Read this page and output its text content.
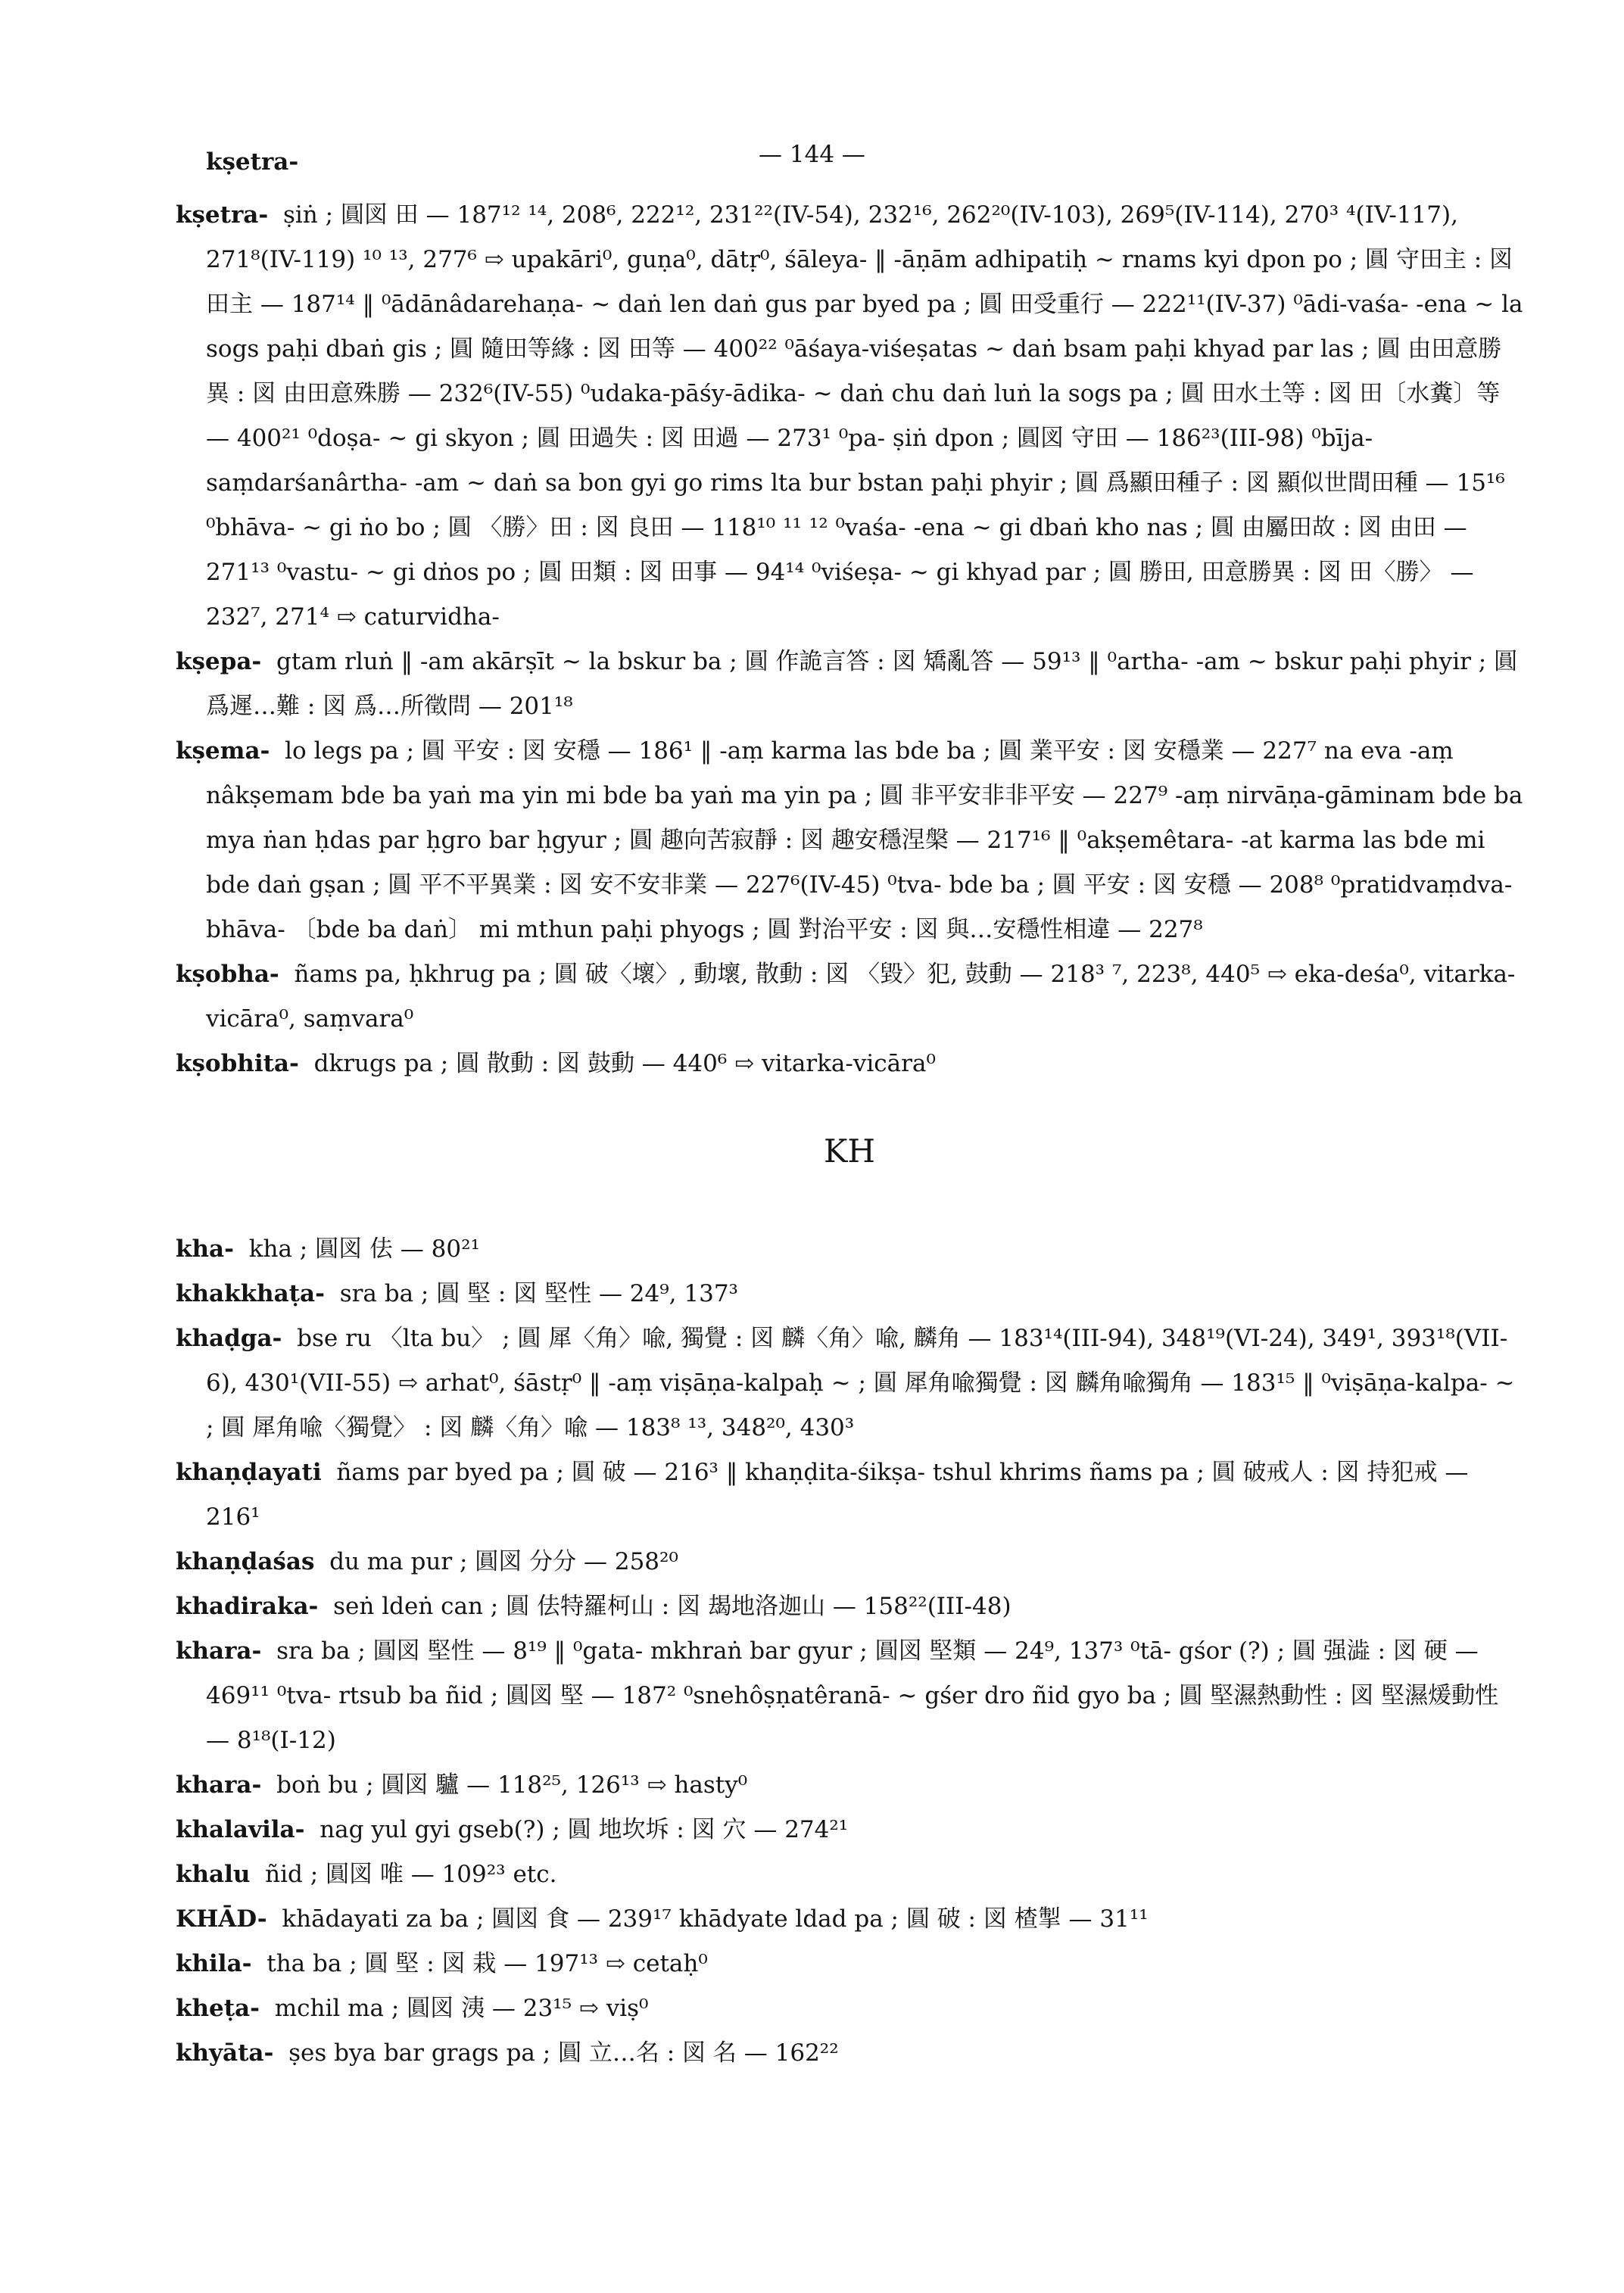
kṣetra-	— 144 —

kṣetra- ṣiṅ ; 圓図 田 — 187¹² ¹⁴, 208⁶, 222¹², 231²²(IV-54), 232¹⁶, 262²⁰(IV-103), 269⁵(IV-114), 270³ ⁴(IV-117), 271⁸(IV-119) ¹⁰ ¹³, 277⁶ ⇨ upakāri⁰, guṇa⁰, dātṛ⁰, śāleya- ‖ -āṇām adhipatiḥ ~ rnams kyi dpon po ; 圓 守田主 : 図 田主 — 187¹⁴ ‖ ⁰ādānâdarehaṇa- ~ daṅ len daṅ gus par byed pa ; 圓 田受重行 — 222¹¹(IV-37) ⁰ādi-vaśa- -ena ~ la sogs paḥi dbaṅ gis ; 圓 隨田等緣 : 図 田等 — 400²² ⁰āśaya-viśeṣatas ~ daṅ bsam paḥi khyad par las ; 圓 由田意勝異 : 図 由田意殊勝 — 232⁶(IV-55) ⁰udaka-pāśy-ādika- ~ daṅ chu daṅ luṅ la sogs pa ; 圓 田水土等 : 図 田〔水糞〕等 — 400²¹ ⁰doṣa- ~ gi skyon ; 圓 田過失 : 図 田過 — 273¹ ⁰pa- ṣiṅ dpon ; 圓図 守田 — 186²³(III-98) ⁰bīja-saṃdarśanârtha- -am ~ daṅ sa bon gyi go rims lta bur bstan paḥi phyir ; 圓 爲顯田種子 : 図 顯似世間田種 — 15¹⁶ ⁰bhāva- ~ gi ṅo bo ; 圓 〈勝〉田 : 図 良田 — 118¹⁰ ¹¹ ¹² ⁰vaśa- -ena ~ gi dbaṅ kho nas ; 圓 由屬田故 : 図 由田 — 271¹³ ⁰vastu- ~ gi dṅos po ; 圓 田類 : 図 田事 — 94¹⁴ ⁰viśeṣa- ~ gi khyad par ; 圓 勝田, 田意勝異 : 図 田〈勝〉 — 232⁷, 271⁴ ⇨ caturvidha-

kṣepa- gtam rluṅ ‖ -am akārṣīt ~ la bskur ba ; 圓 作詭言答 : 図 矯亂答 — 59¹³ ‖ ⁰artha- -am ~ bskur paḥi phyir ; 圓 爲遲…難 : 図 爲…所徵問 — 201¹⁸

kṣema- lo legs pa ; 圓 平安 : 図 安穩 — 186¹ ‖ -aṃ karma las bde ba ; 圓 業平安 : 図 安穩業 — 227⁷ na eva -aṃ nâkṣemam bde ba yaṅ ma yin mi bde ba yaṅ ma yin pa ; 圓 非平安非非平安 — 227⁹ -aṃ nirvāṇa-gāminam bde ba mya ṅan ḥdas par ḥgro bar ḥgyur ; 圓 趣向苦寂靜 : 図 趣安穩涅槃 — 217¹⁶ ‖ ⁰akṣemêtara- -at karma las bde mi bde daṅ gṣan ; 圓 平不平異業 : 図 安不安非業 — 227⁶(IV-45) ⁰tva- bde ba ; 圓 平安 : 図 安穩 — 208⁸ ⁰pratidvaṃdva-bhāva- 〔bde ba daṅ〕 mi mthun paḥi phyogs ; 圓 對治平安 : 図 與…安穩性相違 — 227⁸

kṣobha- ñams pa, ḥkhrug pa ; 圓 破〈壞〉, 動壞, 散動 : 図 〈毀〉犯, 鼓動 — 218³ ⁷, 223⁸, 440⁵ ⇨ eka-deśa⁰, vitarka-vicāra⁰, saṃvara⁰

kṣobhita- dkrugs pa ; 圓 散動 : 図 鼓動 — 440⁶ ⇨ vitarka-vicāra⁰

KH

kha- kha ; 圓図 佉 — 80²¹

khakkhaṭa- sra ba ; 圓 堅 : 図 堅性 — 24⁹, 137³

khaḍga- bse ru 〈lta bu〉 ; 圓 犀〈角〉喩, 獨覺 : 図 麟〈角〉喩, 麟角 — 183¹⁴(III-94), 348¹⁹(VI-24), 349¹, 393¹⁸(VII-6), 430¹(VII-55) ⇨ arhat⁰, śāstṛ⁰ ‖ -aṃ viṣāṇa-kalpaḥ ~ ; 圓 犀角喩獨覺 : 図 麟角喩獨角 — 183¹⁵ ‖ ⁰viṣāṇa-kalpa- ~ ; 圓 犀角喩〈獨覺〉 : 図 麟〈角〉喩 — 183⁸ ¹³, 348²⁰, 430³

khaṇḍayati ñams par byed pa ; 圓 破 — 216³ ‖ khaṇḍita-śikṣa- tshul khrims ñams pa ; 圓 破戒人 : 図 持犯戒 — 216¹

khaṇḍaśas du ma pur ; 圓図 分分 — 258²⁰

khadiraka- seṅ ldeṅ can ; 圓 佉特羅柯山 : 図 朅地洛迦山 — 158²²(III-48)

khara- sra ba ; 圓図 堅性 — 8¹⁹ ‖ ⁰gata- mkhraṅ bar gyur ; 圓図 堅類 — 24⁹, 137³ ⁰tā- gśor (?) ; 圓 强澁 : 図 硬 — 469¹¹ ⁰tva- rtsub ba ñid ; 圓図 堅 — 187² ⁰snehôṣṇatêranā- ~ gśer dro ñid gyo ba ; 圓 堅濕熱動性 : 図 堅濕煖動性 — 8¹⁸(I-12)

khara- boṅ bu ; 圓図 驢 — 118²⁵, 126¹³ ⇨ hasty⁰

khalavila- nag yul gyi gseb(?) ; 圓 地坎坼 : 図 穴 — 274²¹

khalu ñid ; 圓図 唯 — 109²³ etc.

KHĀD- khādayati za ba ; 圓図 食 — 239¹⁷ khādyate ldad pa ; 圓 破 : 図 楂掣 — 31¹¹

khila- tha ba ; 圓 堅 : 図 栽 — 197¹³ ⇨ cetaḥ⁰

kheṭa- mchil ma ; 圓図 洟 — 23¹⁵ ⇨ viṣ⁰

khyāta- ṣes bya bar grags pa ; 圓 立…名 : 図 名 — 162²²
